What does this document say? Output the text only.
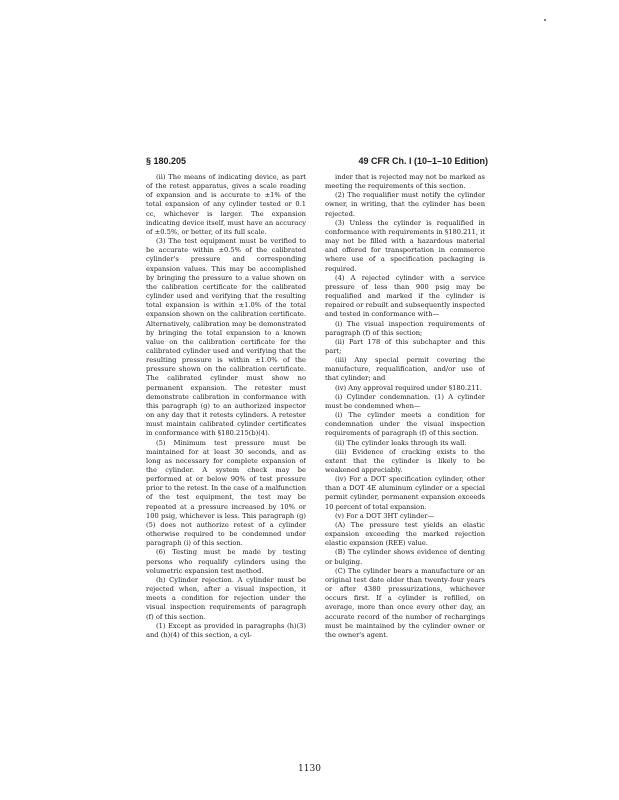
§ 180.205	49 CFR Ch. I (10–1–10 Edition)

(ii) The means of indicating device, as part of the retest apparatus, gives a scale reading of expansion and is accurate to ±1% of the total expansion of any cylinder tested or 0.1 cc, whichever is larger. The expansion indicating device itself, must have an accuracy of ±0.5%, or better, of its full scale.

(3) The test equipment must be verified to be accurate within ±0.5% of the calibrated cylinder's pressure and corresponding expansion values. This may be accomplished by bringing the pressure to a value shown on the calibration certificate for the calibrated cylinder used and verifying that the resulting total expansion is within ±1.0% of the total expansion shown on the calibration certificate. Alternatively, calibration may be demonstrated by bringing the total expansion to a known value on the calibration certificate for the calibrated cylinder used and verifying that the resulting pressure is within ±1.0% of the pressure shown on the calibration certificate. The calibrated cylinder must show no permanent expansion. The retester must demonstrate calibration in conformance with this paragraph (g) to an authorized inspector on any day that it retests cylinders. A retester must maintain calibrated cylinder certificates in conformance with §180.215(b)(4).

(5) Minimum test pressure must be maintained for at least 30 seconds, and as long as necessary for complete expansion of the cylinder. A system check may be performed at or below 90% of test pressure prior to the retest. In the case of a malfunction of the test equipment, the test may be repeated at a pressure increased by 10% or 100 psig, whichever is less. This paragraph (g)(5) does not authorize retest of a cylinder otherwise required to be condemned under paragraph (i) of this section.

(6) Testing must be made by testing persons who requalify cylinders using the volumetric expansion test method.

(h) Cylinder rejection. A cylinder must be rejected when, after a visual inspection, it meets a condition for rejection under the visual inspection requirements of paragraph (f) of this section.

(1) Except as provided in paragraphs (h)(3) and (h)(4) of this section, a cyl-

inder that is rejected may not be marked as meeting the requirements of this section.

(2) The requalifier must notify the cylinder owner, in writing, that the cylinder has been rejected.

(3) Unless the cylinder is requalified in conformance with requirements in §180.211, it may not be filled with a hazardous material and offered for transportation in commerce where use of a specification packaging is required.

(4) A rejected cylinder with a service pressure of less than 900 psig may be requalified and marked if the cylinder is repaired or rebuilt and subsequently inspected and tested in conformance with—

(i) The visual inspection requirements of paragraph (f) of this section;

(ii) Part 178 of this subchapter and this part;

(iii) Any special permit covering the manufacture, requalification, and/or use of that cylinder; and

(iv) Any approval required under §180.211.

(i) Cylinder condemnation. (1) A cylinder must be condemned when—

(i) The cylinder meets a condition for condemnation under the visual inspection requirements of paragraph (f) of this section.

(ii) The cylinder leaks through its wall.

(iii) Evidence of cracking exists to the extent that the cylinder is likely to be weakened appreciably.

(iv) For a DOT specification cylinder, other than a DOT 4E aluminum cylinder or a special permit cylinder, permanent expansion exceeds 10 percent of total expansion.

(v) For a DOT 3HT cylinder—

(A) The pressure test yields an elastic expansion exceeding the marked rejection elastic expansion (REE) value.

(B) The cylinder shows evidence of denting or bulging.

(C) The cylinder bears a manufacture or an original test date older than twenty-four years or after 4380 pressurizations, whichever occurs first. If a cylinder is refilled, on average, more than once every other day, an accurate record of the number of rechargings must be maintained by the cylinder owner or the owner's agent.

1130
